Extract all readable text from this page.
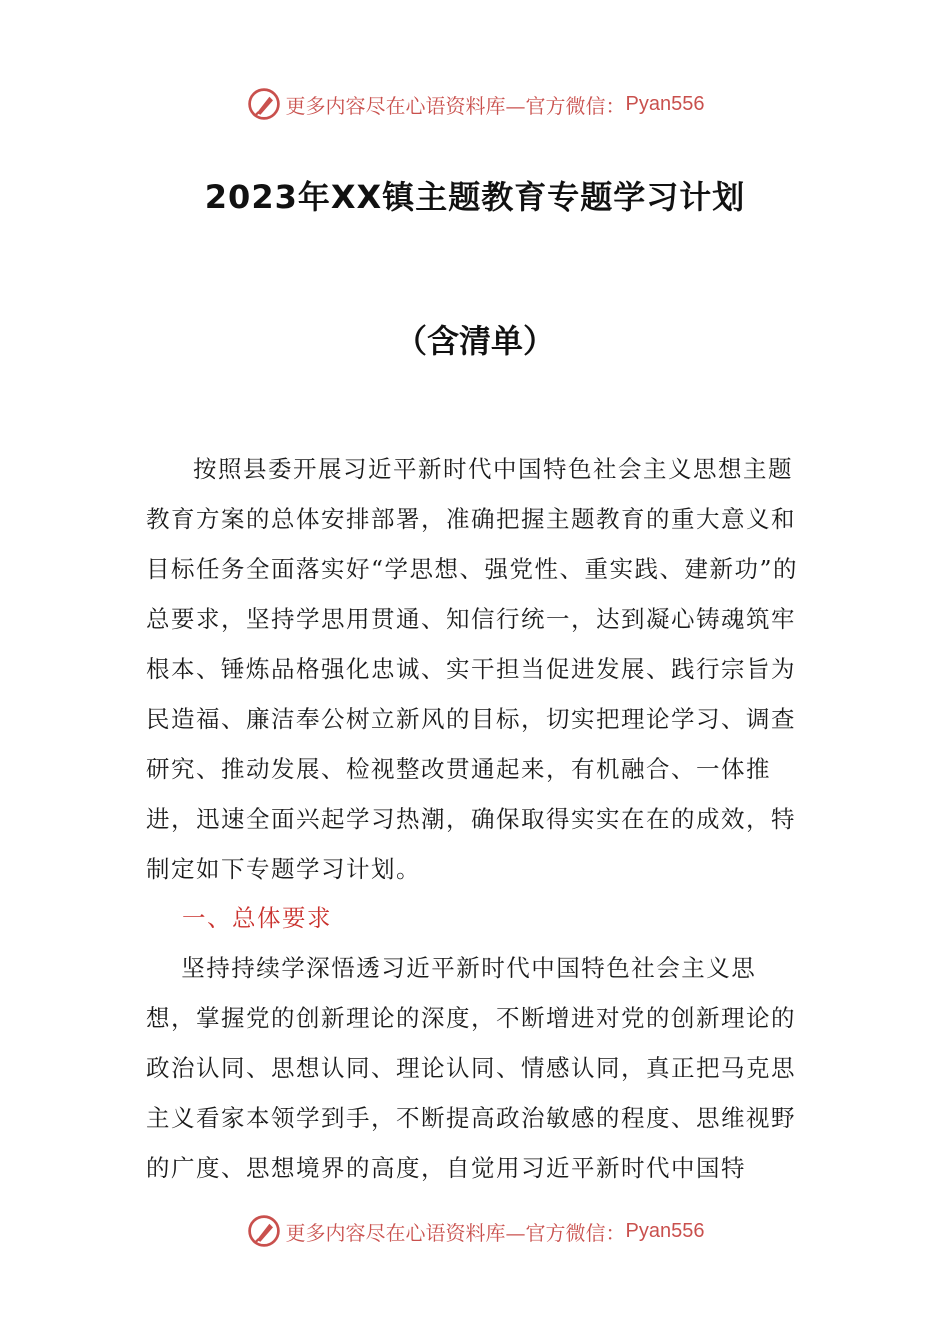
更多内容尽在心语资料库—官方微信： Pyan556
2023年XX镇主题教育专题学习计划
（含清单）

按照县委开展习近平新时代中国特色社会主义思想主题教育方案的总体安排部署，准确把握主题教育的重大意义和目标任务全面落实好“学思想、强党性、重实践、建新功”的总要求，坚持学思用贯通、知信行统一，达到凝心铸魂筑牢根本、锤炼品格强化忠诚、实干担当促进发展、践行宗旨为民造福、廉洁奉公树立新风的目标，切实把理论学习、调查研究、推动发展、检视整改贯通起来，有机融合、一体推进，迅速全面兴起学习热潮，确保取得实实在在的成效，特制定如下专题学习计划。

一、总体要求

坚持持续学深悟透习近平新时代中国特色社会主义思想，掌握党的创新理论的深度，不断增进对党的创新理论的政治认同、思想认同、理论认同、情感认同，真正把马克思主义看家本领学到手，不断提高政治敏感的程度、思维视野的广度、思想境界的高度，自觉用习近平新时代中国特

更多内容尽在心语资料库—官方微信： Pyan556
